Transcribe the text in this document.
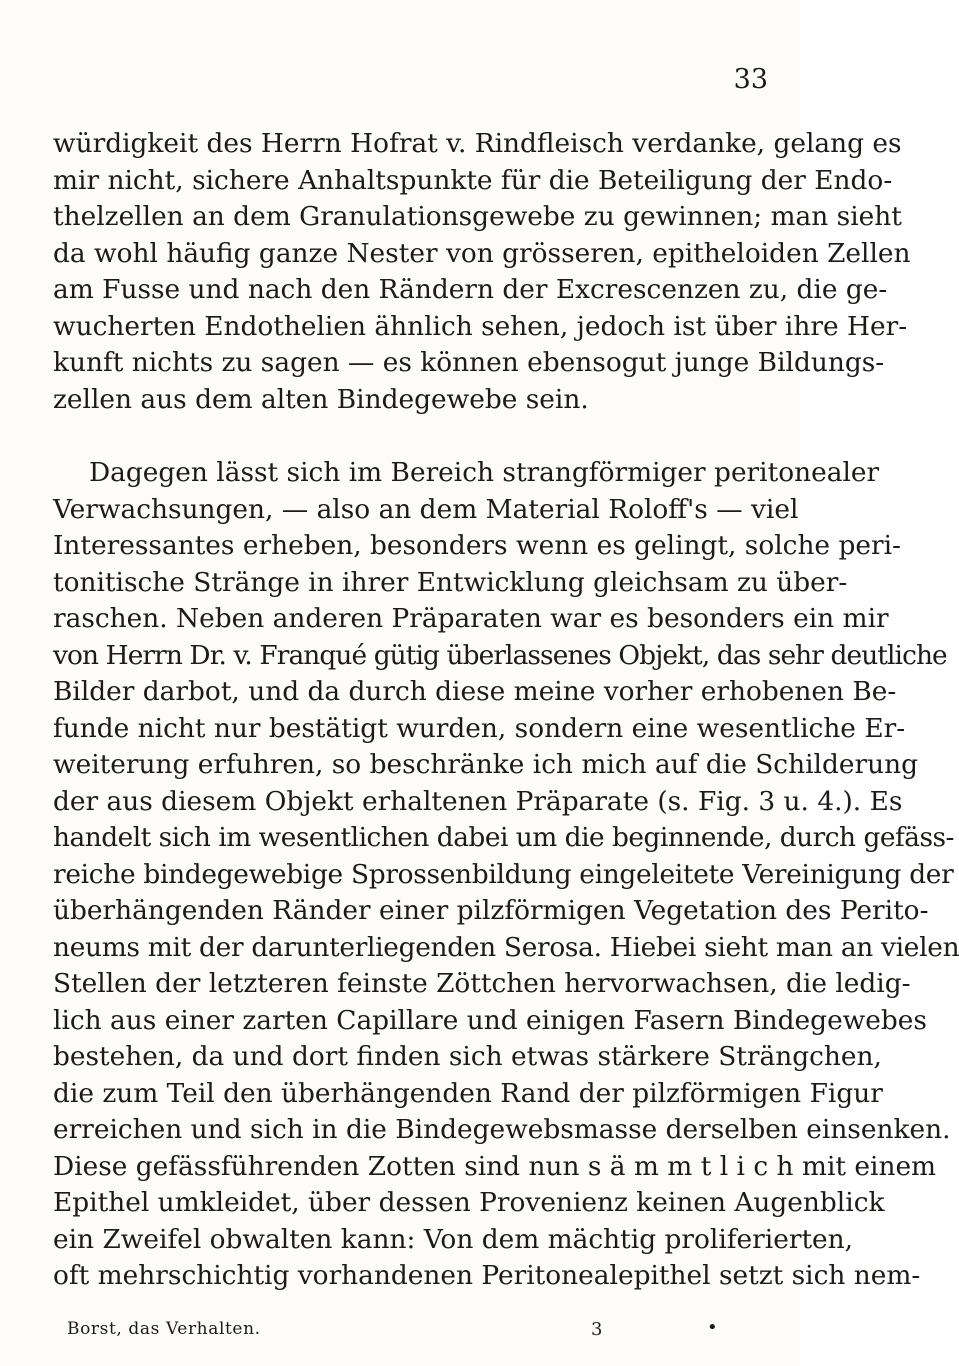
33
würdigkeit des Herrn Hofrat v. Rindfleisch verdanke, gelang es
mir nicht, sichere Anhaltspunkte für die Beteiligung der Endo-
thelzellen an dem Granulationsgewebe zu gewinnen; man sieht
da wohl häufig ganze Nester von grösseren, epitheloiden Zellen
am Fusse und nach den Rändern der Excrescenzen zu, die ge-
wucherten Endothelien ähnlich sehen, jedoch ist über ihre Her-
kunft nichts zu sagen — es können ebensogut junge Bildungs-
zellen aus dem alten Bindegewebe sein.
Dagegen lässt sich im Bereich strangförmiger peritonealer
Verwachsungen, — also an dem Material Roloff's — viel
Interessantes erheben, besonders wenn es gelingt, solche peri-
tonitische Stränge in ihrer Entwicklung gleichsam zu über-
raschen. Neben anderen Präparaten war es besonders ein mir
von Herrn Dr. v. Franqué gütig überlassenes Objekt, das sehr deutliche
Bilder darbot, und da durch diese meine vorher erhobenen Be-
funde nicht nur bestätigt wurden, sondern eine wesentliche Er-
weiterung erfuhren, so beschränke ich mich auf die Schilderung
der aus diesem Objekt erhaltenen Präparate (s. Fig. 3 u. 4.). Es
handelt sich im wesentlichen dabei um die beginnende, durch gefäss-
reiche bindegewebige Sprossenbildung eingeleitete Vereinigung der
überhängenden Ränder einer pilzförmigen Vegetation des Perito-
neums mit der darunterliegenden Serosa. Hiebei sieht man an vielen
Stellen der letzteren feinste Zöttchen hervorwachsen, die ledig-
lich aus einer zarten Capillare und einigen Fasern Bindegewebes
bestehen, da und dort finden sich etwas stärkere Strängchen,
die zum Teil den überhängenden Rand der pilzförmigen Figur
erreichen und sich in die Bindegewebsmasse derselben einsenken.
Diese gefässführenden Zotten sind nun s ä m m t l i c h mit einem
Epithel umkleidet, über dessen Provenienz keinen Augenblick
ein Zweifel obwalten kann: Von dem mächtig proliferierten,
oft mehrschichtig vorhandenen Peritonealepithel setzt sich nem-
Borst, das Verhalten.	3	•
